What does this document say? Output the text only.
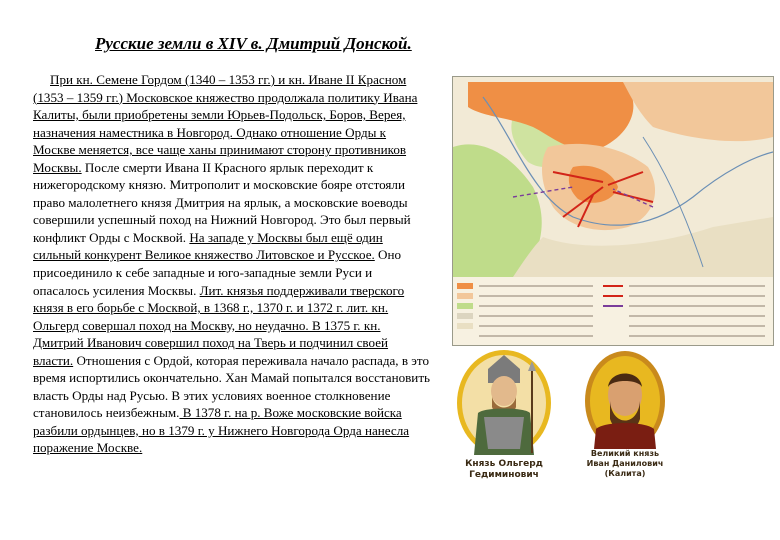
Русские земли в XIV в. Дмитрий Донской.
При кн. Семене Гордом (1340 – 1353 гг.) и кн. Иване II Красном (1353 – 1359 гг.) Московское княжество продолжала политику Ивана Калиты, были приобретены земли Юрьев-Подольск, Боров, Верея, назначения наместника в Новгород. Однако отношение Орды к Москве меняется, все чаще ханы принимают сторону противников Москвы. После смерти Ивана II Красного ярлык переходит к нижегородскому князю. Митрополит и московские бояре отстояли право малолетнего князя Дмитрия на ярлык, а московские воеводы совершили успешный поход на Нижний Новгород. Это был первый конфликт Орды с Москвой. На западе у Москвы был ещё один сильный конкурент Великое княжество Литовское и Русское. Оно присоединило к себе западные и юго-западные земли Руси и опасалось усиления Москвы. Лит. князья поддерживали тверского князя в его борьбе с Москвой, в 1368 г., 1370 г. и 1372 г. лит. кн. Ольгерд совершал поход на Москву, но неудачно. В 1375 г. кн. Дмитрий Иванович совершил поход на Тверь и подчинил своей власти. Отношения с Ордой, которая переживала начало распада, в это время испортились окончательно. Хан Мамай попытался восстановить власть Орды над Русью. В этих условиях военное столкновение становилось неизбежным. В 1378 г. на р. Воже московские войска разбили ордынцев, но в 1379 г. у Нижнего Новгорода Орда нанесла поражение Москве.
Князь Ольгерд
Гедиминович
Великий князь
Иван Данилович
(Калита)
